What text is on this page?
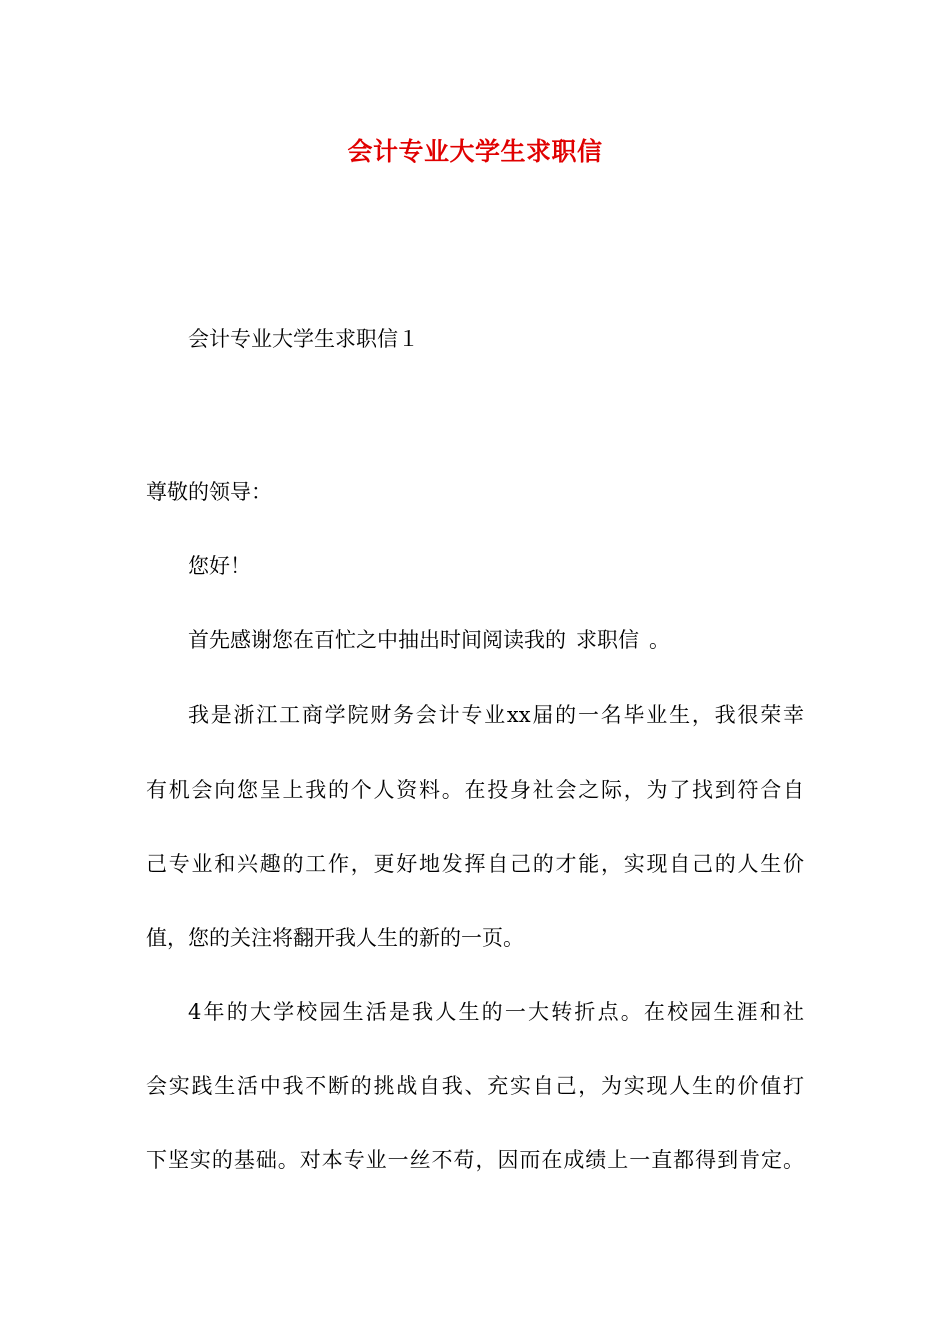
会计专业大学生求职信
会计专业大学生求职信１
尊敬的领导：
您好！
首先感谢您在百忙之中抽出时间阅读我的 求职信 。
我是浙江工商学院财务会计专业xx届的一名毕业生，我很荣幸
有机会向您呈上我的个人资料。在投身社会之际，为了找到符合自
己专业和兴趣的工作，更好地发挥自己的才能，实现自己的人生价
值，您的关注将翻开我人生的新的一页。
4年的大学校园生活是我人生的一大转折点。在校园生涯和社
会实践生活中我不断的挑战自我、充实自己，为实现人生的价值打
下坚实的基础。对本专业一丝不苟，因而在成绩上一直都得到肯定。
